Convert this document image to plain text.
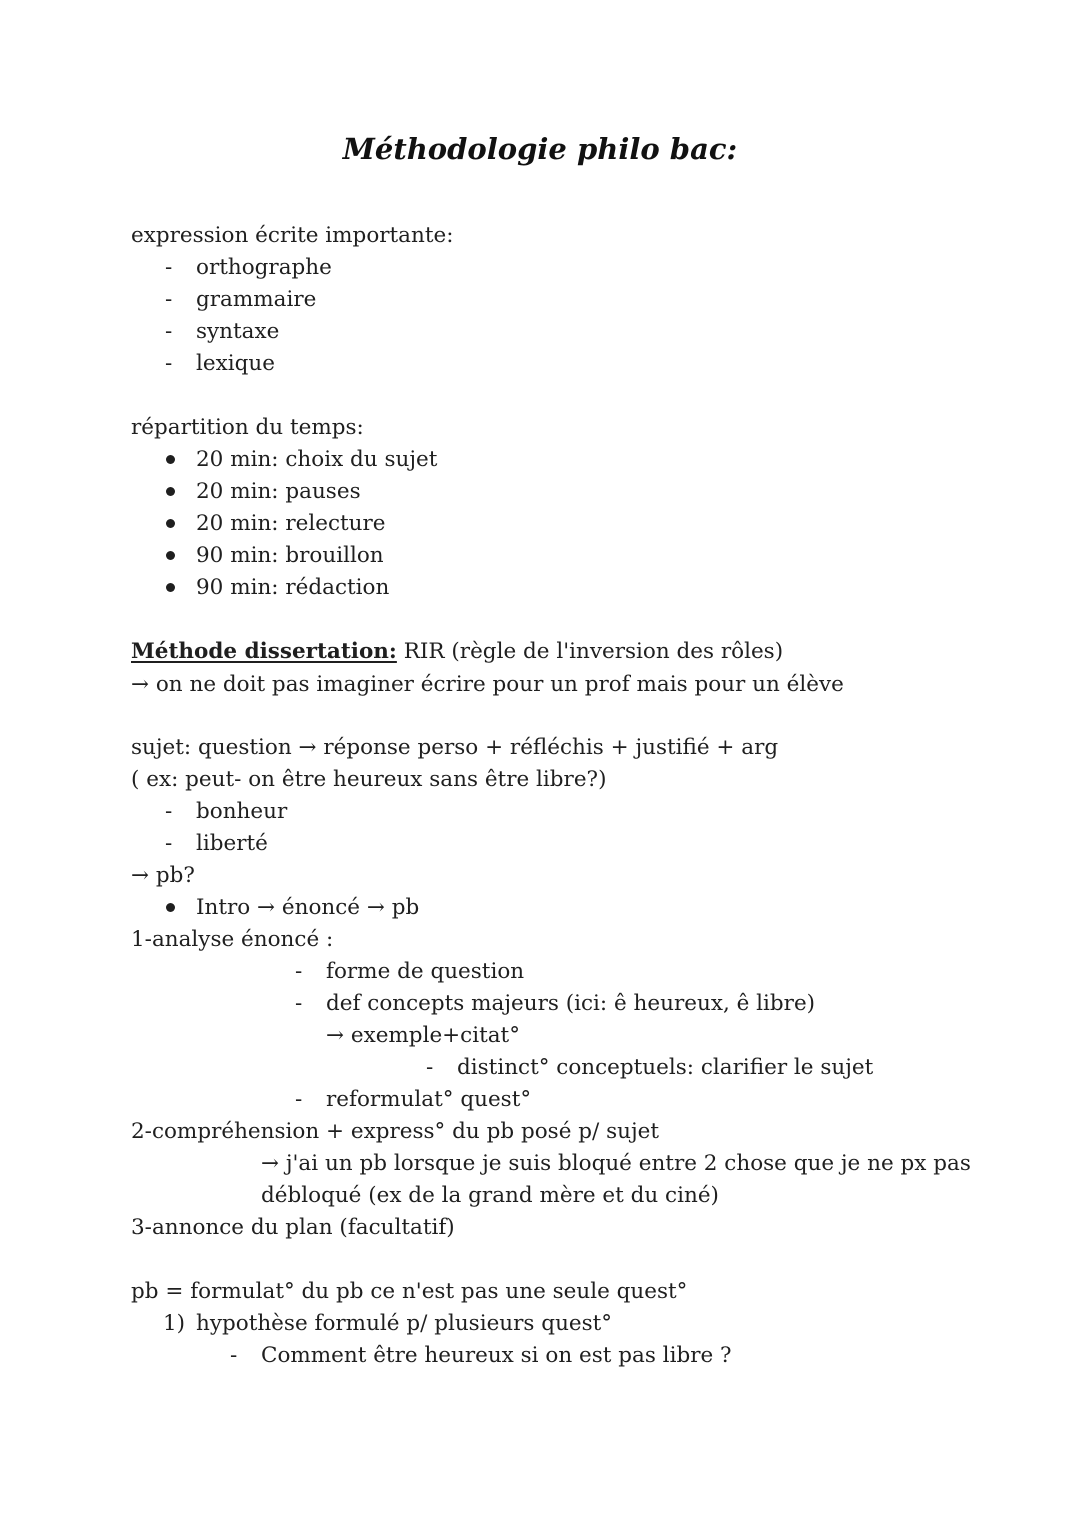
Méthodologie philo bac:
expression écrite importante:
- orthographe
- grammaire
- syntaxe
- lexique
répartition du temps:
20 min: choix du sujet
20 min: pauses
20 min: relecture
90 min: brouillon
90 min: rédaction
Méthode dissertation: RIR (règle de l'inversion des rôles)
→ on ne doit pas imaginer écrire pour un prof mais pour un élève
sujet: question → réponse perso + réfléchis + justifié + arg
( ex: peut- on être heureux sans être libre?)
- bonheur
- liberté
→ pb?
Intro → énoncé → pb
1-analyse énoncé :
- forme de question
- def concepts majeurs (ici: ê heureux, ê libre)
→ exemple+citat°
- distinct° conceptuels: clarifier le sujet
- reformulat° quest°
2-compréhension + express° du pb posé p/ sujet
→ j'ai un pb lorsque je suis bloqué entre 2 chose que je ne px pas
débloqué (ex de la grand mère et du ciné)
3-annonce du plan (facultatif)
pb = formulat° du pb ce n'est pas une seule quest°
1) hypothèse formulé p/ plusieurs quest°
- Comment être heureux si on est pas libre ?
